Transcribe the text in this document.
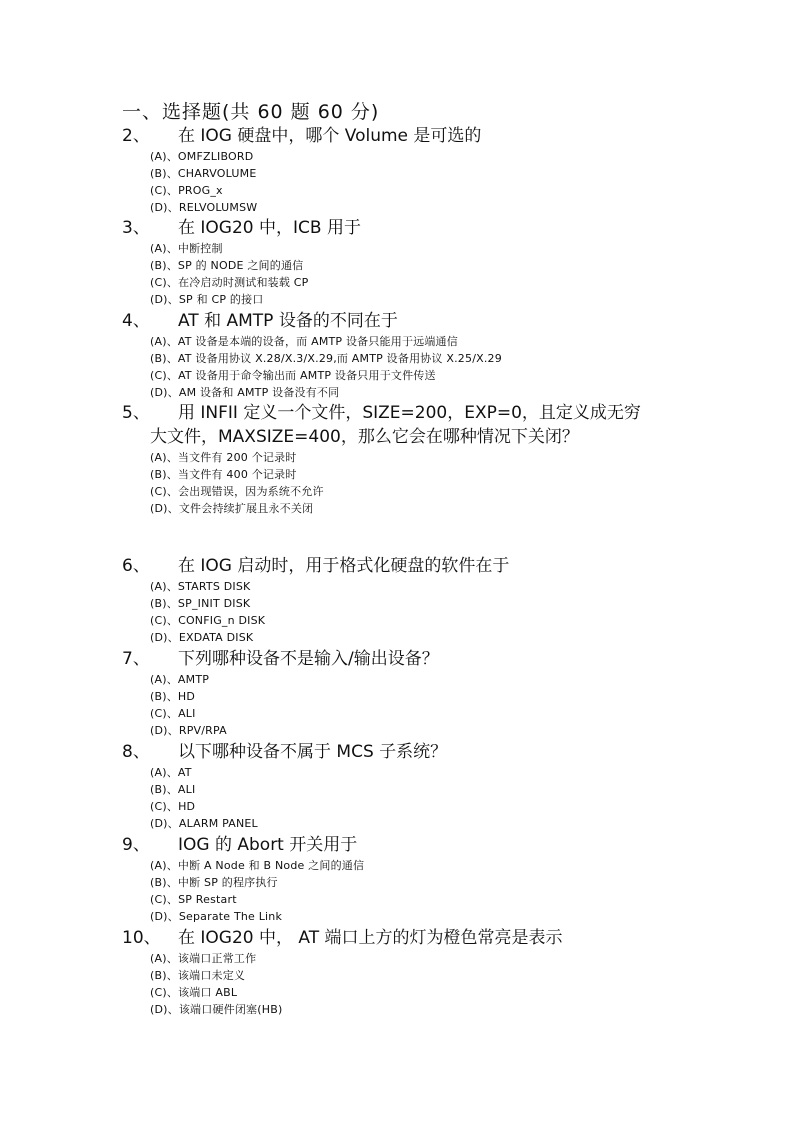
一、选择题(共 60 题 60 分)
2、	在 IOG 硬盘中，哪个 Volume 是可选的
(A)、OMFZLIBORD
(B)、CHARVOLUME
(C)、PROG_x
(D)、RELVOLUMSW
3、	在 IOG20 中，ICB 用于
(A)、中断控制
(B)、SP 的 NODE 之间的通信
(C)、在冷启动时测试和装载 CP
(D)、SP 和 CP 的接口
4、	AT 和 AMTP 设备的不同在于
(A)、AT 设备是本端的设备，而 AMTP 设备只能用于远端通信
(B)、AT 设备用协议 X.28/X.3/X.29,而 AMTP 设备用协议 X.25/X.29
(C)、AT 设备用于命令输出而 AMTP 设备只用于文件传送
(D)、AM 设备和 AMTP 设备没有不同
5、	用 INFII 定义一个文件，SIZE=200，EXP=0，且定义成无穷
大文件，MAXSIZE=400，那么它会在哪种情况下关闭？
(A)、当文件有 200 个记录时
(B)、当文件有 400 个记录时
(C)、会出现错误，因为系统不允许
(D)、文件会持续扩展且永不关闭
6、	在 IOG 启动时，用于格式化硬盘的软件在于
(A)、STARTS DISK
(B)、SP_INIT DISK
(C)、CONFIG_n DISK
(D)、EXDATA DISK
7、	下列哪种设备不是输入/输出设备？
(A)、AMTP
(B)、HD
(C)、ALI
(D)、RPV/RPA
8、	以下哪种设备不属于 MCS 子系统？
(A)、AT
(B)、ALI
(C)、HD
(D)、ALARM PANEL
9、	IOG 的 Abort 开关用于
(A)、中断 A Node 和 B Node 之间的通信
(B)、中断 SP 的程序执行
(C)、SP Restart
(D)、Separate The Link
10、	在 IOG20 中， AT 端口上方的灯为橙色常亮是表示
(A)、该端口正常工作
(B)、该端口未定义
(C)、该端口 ABL
(D)、该端口硬件闭塞(HB)
